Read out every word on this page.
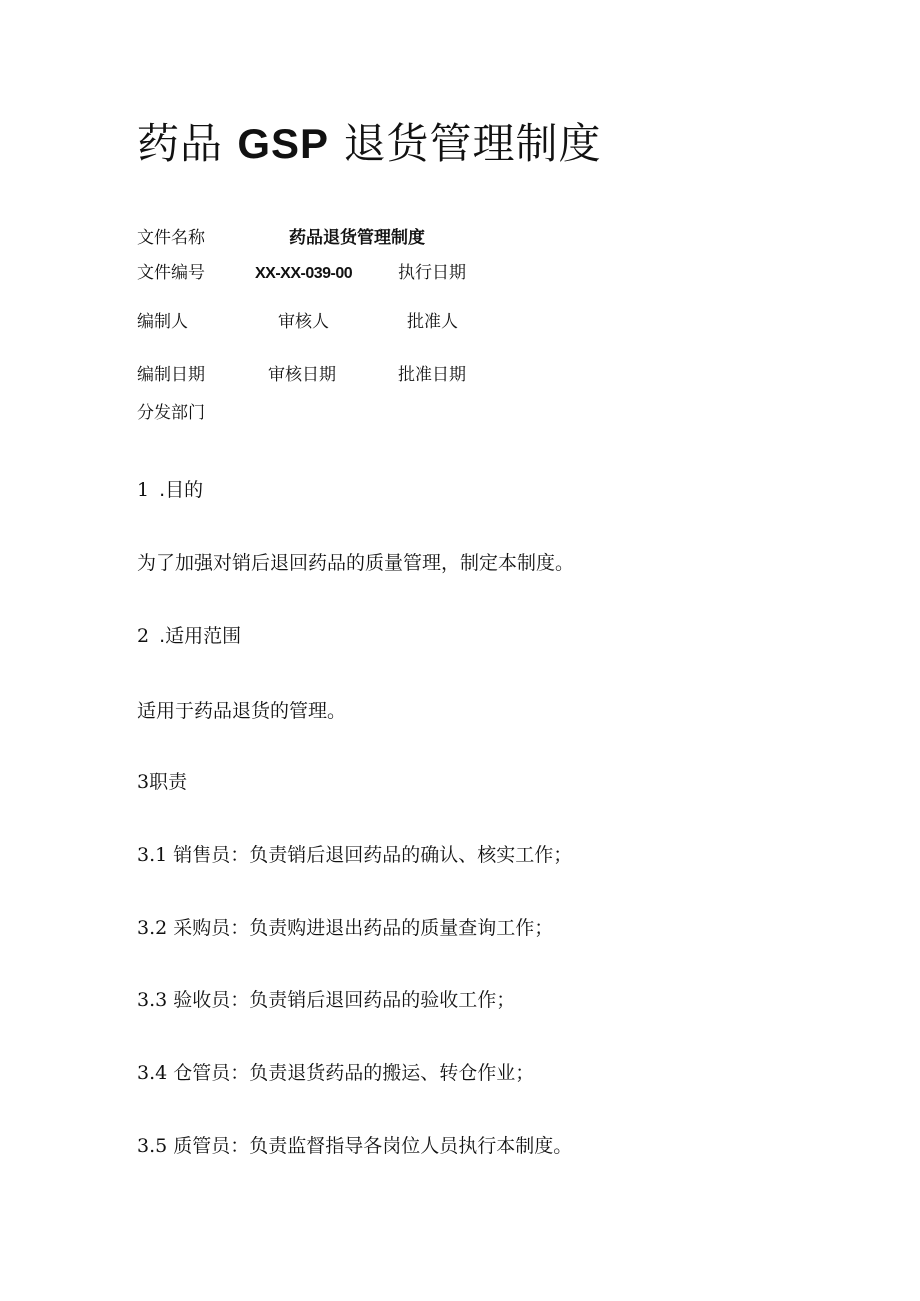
药品 GSP 退货管理制度
文件名称	药品退货管理制度
文件编号	XX-XX-039-00	执行日期
编制人	审核人	批准人
编制日期	审核日期	批准日期
分发部门
1 .目的
为了加强对销后退回药品的质量管理，制定本制度。
2 .适用范围
适用于药品退货的管理。
3职责
3.1 销售员：负责销后退回药品的确认、核实工作；
3.2 采购员：负责购进退出药品的质量查询工作；
3.3 验收员：负责销后退回药品的验收工作；
3.4 仓管员：负责退货药品的搬运、转仓作业；
3.5 质管员：负责监督指导各岗位人员执行本制度。
